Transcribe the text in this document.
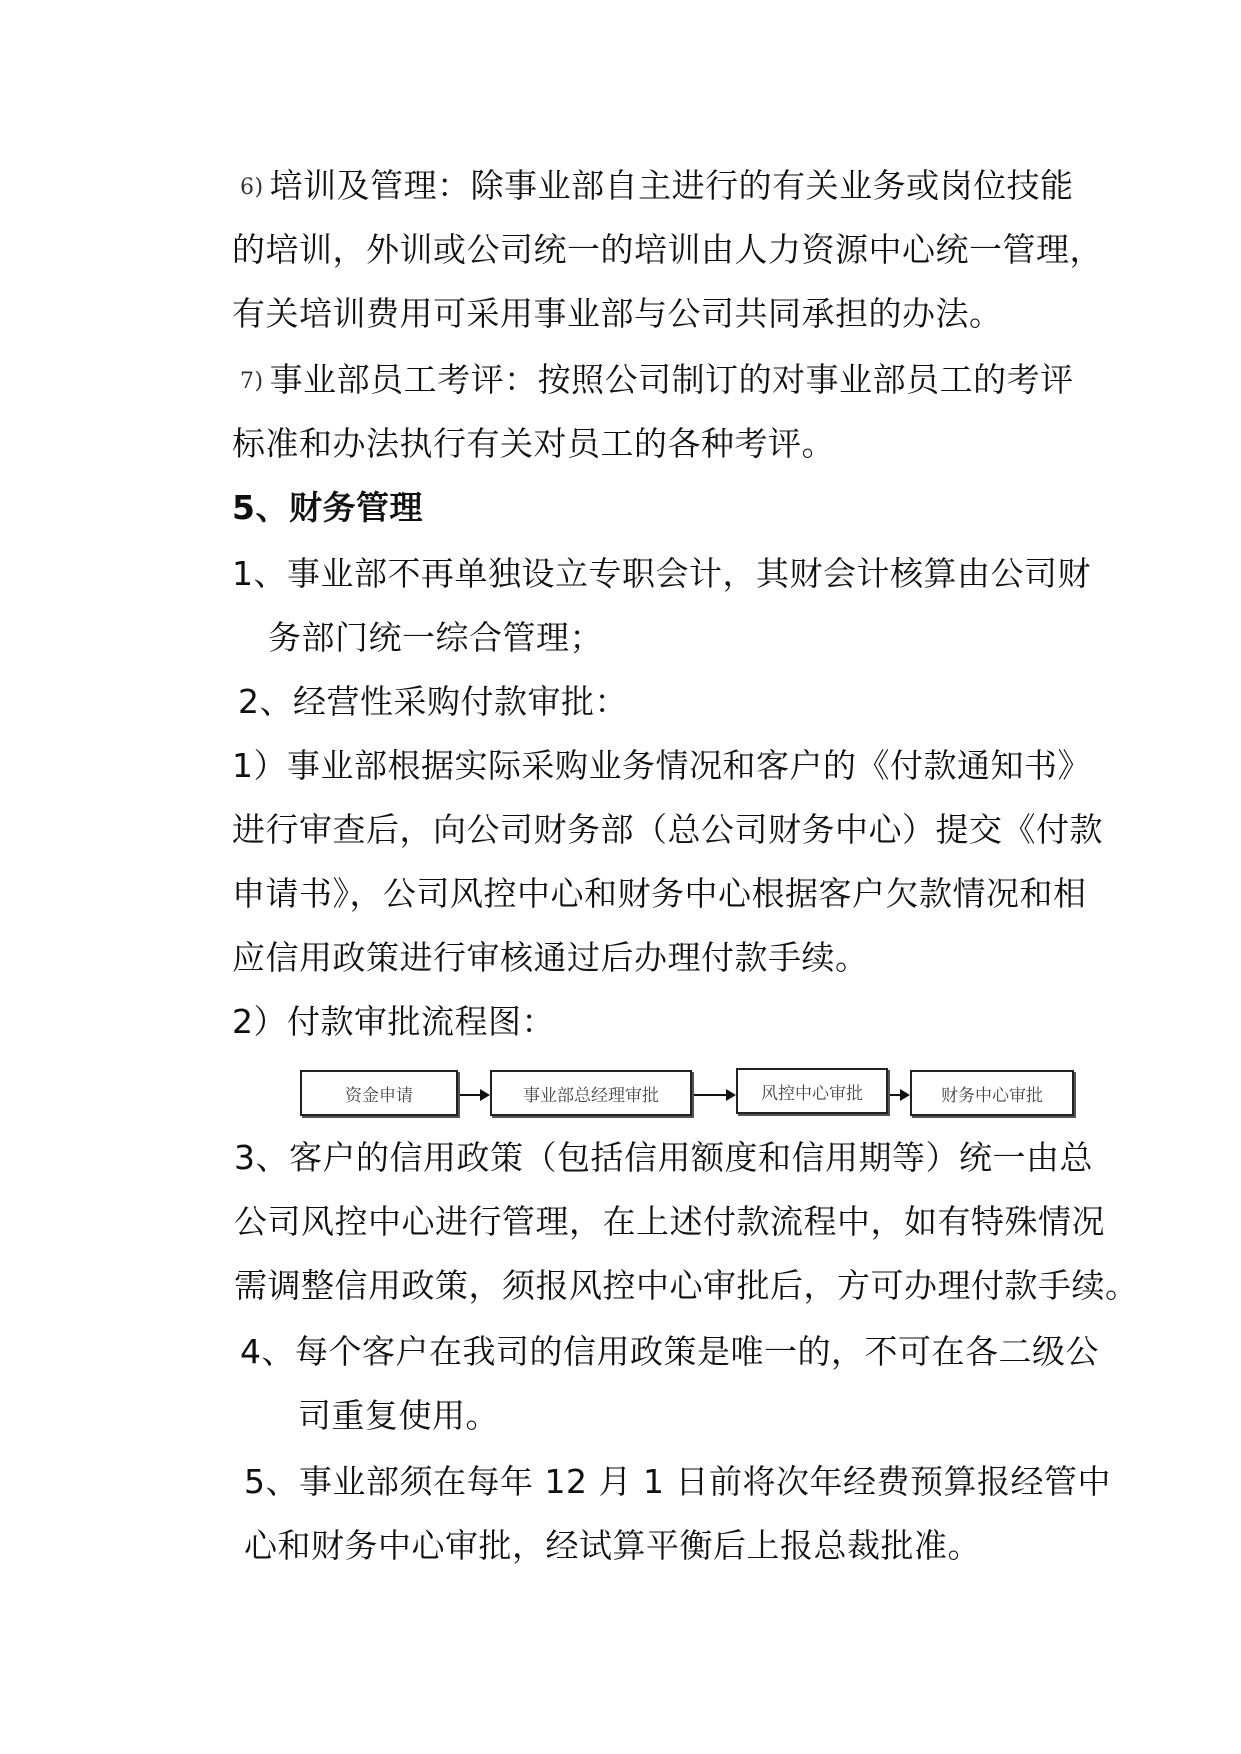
6) 培训及管理：除事业部自主进行的有关业务或岗位技能
的培训，外训或公司统一的培训由人力资源中心统一管理，
有关培训费用可采用事业部与公司共同承担的办法。
7) 事业部员工考评：按照公司制订的对事业部员工的考评
标准和办法执行有关对员工的各种考评。
5、财务管理
1、事业部不再单独设立专职会计，其财会计核算由公司财
务部门统一综合管理；
2、经营性采购付款审批：
1）事业部根据实际采购业务情况和客户的《付款通知书》
进行审查后，向公司财务部（总公司财务中心）提交《付款
申请书》，公司风控中心和财务中心根据客户欠款情况和相
应信用政策进行审核通过后办理付款手续。
2）付款审批流程图：
资金申请	事业部总经理审批	风控中心审批	财务中心审批
3、客户的信用政策（包括信用额度和信用期等）统一由总
公司风控中心进行管理，在上述付款流程中，如有特殊情况
需调整信用政策，须报风控中心审批后，方可办理付款手续。
4、每个客户在我司的信用政策是唯一的，不可在各二级公
司重复使用。
5、事业部须在每年 12 月 1 日前将次年经费预算报经管中
心和财务中心审批，经试算平衡后上报总裁批准。
